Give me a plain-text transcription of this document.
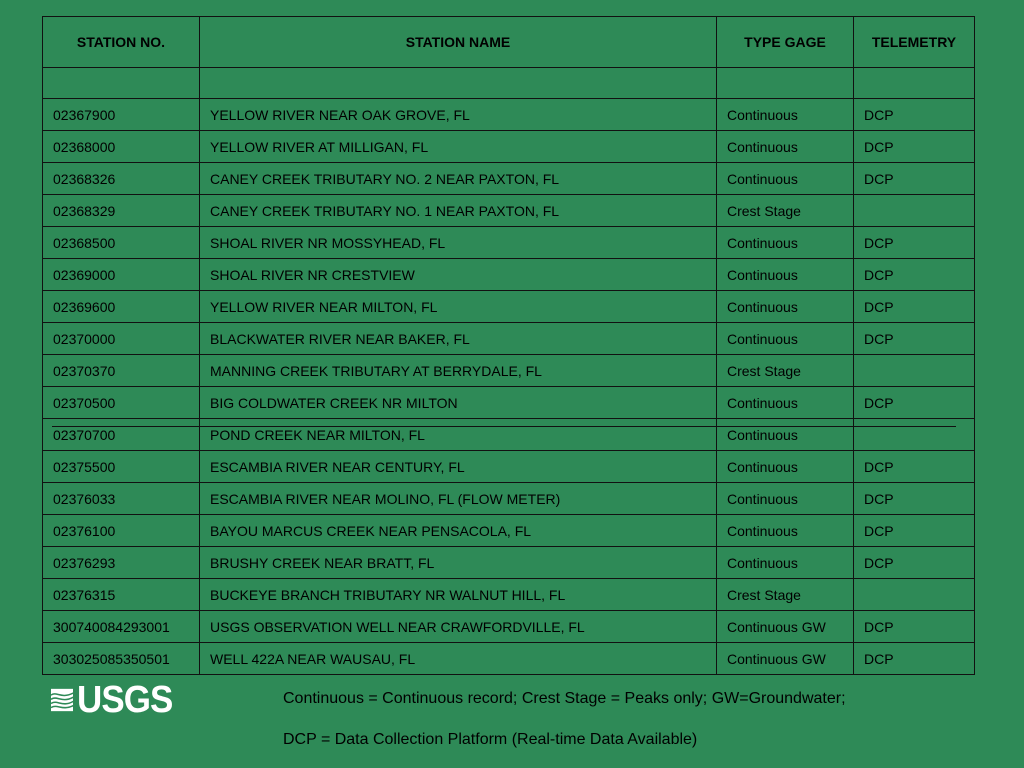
STATION NO.	STATION NAME	TYPE GAGE	TELEMETRY

02367900	YELLOW RIVER NEAR OAK GROVE, FL	Continuous	DCP
02368000	YELLOW RIVER AT MILLIGAN, FL	Continuous	DCP
02368326	CANEY CREEK TRIBUTARY NO. 2 NEAR PAXTON, FL	Continuous	DCP
02368329	CANEY CREEK TRIBUTARY NO. 1 NEAR PAXTON, FL	Crest Stage	
02368500	SHOAL RIVER NR MOSSYHEAD, FL	Continuous	DCP
02369000	SHOAL RIVER NR CRESTVIEW	Continuous	DCP
02369600	YELLOW RIVER NEAR MILTON, FL	Continuous	DCP
02370000	BLACKWATER RIVER NEAR BAKER, FL	Continuous	DCP
02370370	MANNING CREEK TRIBUTARY AT BERRYDALE, FL	Crest Stage	
02370500	BIG COLDWATER CREEK NR MILTON	Continuous	DCP
02370700	POND CREEK NEAR MILTON, FL	Continuous	
02375500	ESCAMBIA RIVER NEAR CENTURY, FL	Continuous	DCP
02376033	ESCAMBIA RIVER NEAR MOLINO, FL (FLOW METER)	Continuous	DCP
02376100	BAYOU MARCUS CREEK NEAR PENSACOLA, FL	Continuous	DCP
02376293	BRUSHY CREEK NEAR BRATT, FL	Continuous	DCP
02376315	BUCKEYE BRANCH TRIBUTARY NR WALNUT HILL, FL	Crest Stage	
300740084293001	USGS OBSERVATION WELL NEAR CRAWFORDVILLE, FL	Continuous GW	DCP
303025085350501	WELL 422A NEAR WAUSAU, FL	Continuous GW	DCP
USGS	Continuous = Continuous record; Crest Stage = Peaks only; GW=Groundwater;

DCP = Data Collection Platform (Real-time Data Available)
